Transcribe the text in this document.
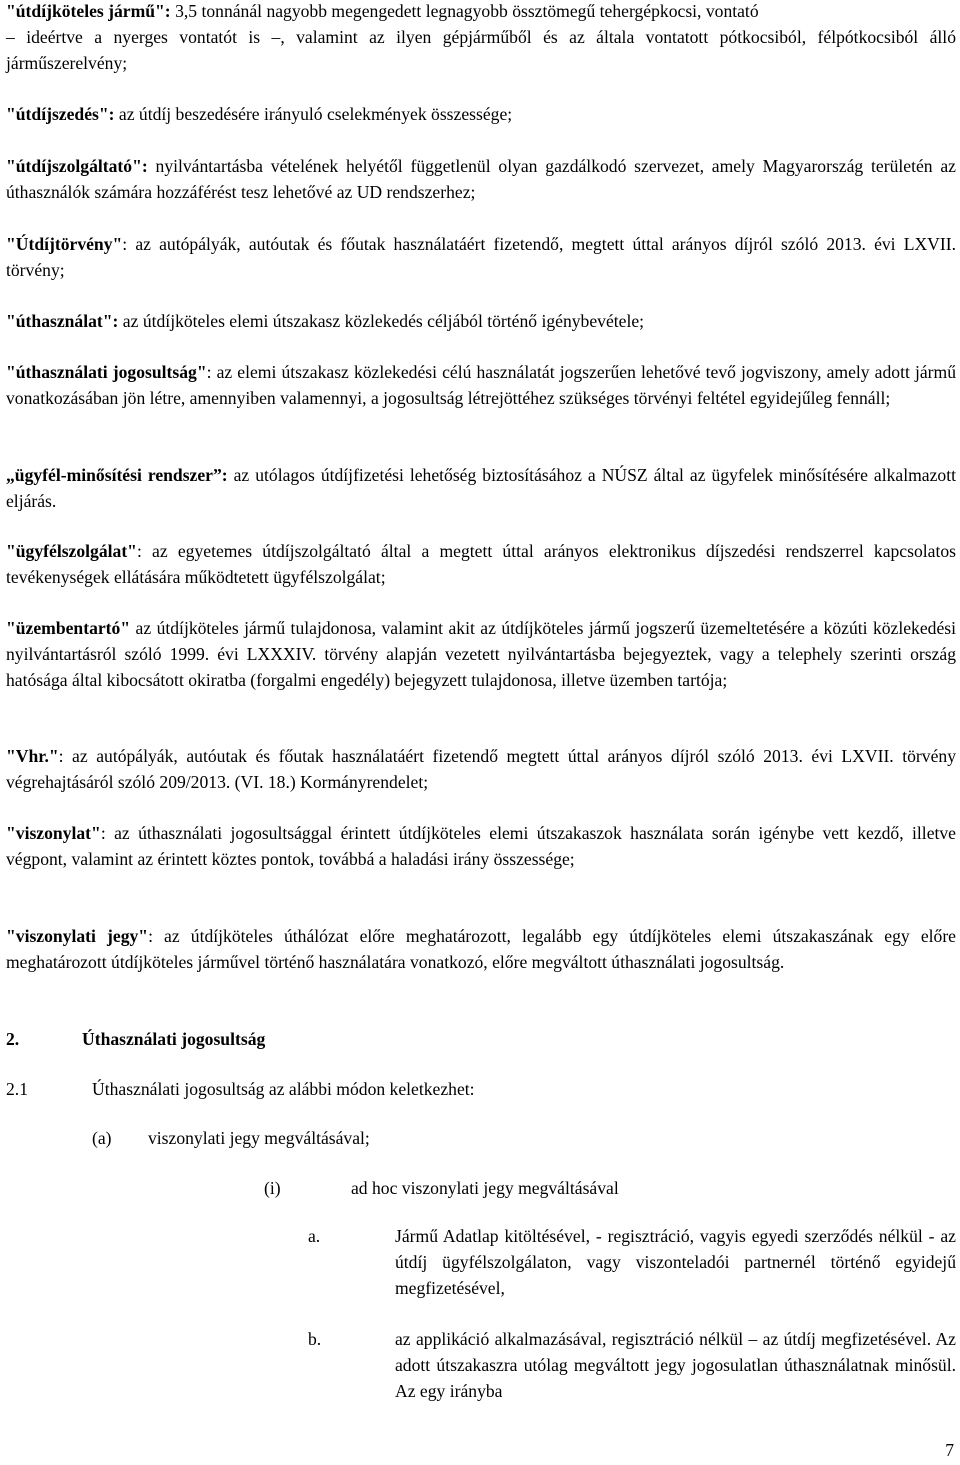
"útdíjköteles jármű": 3,5 tonnánál nagyobb megengedett legnagyobb össztömegű tehergépkocsi, vontató

– ideértve a nyerges vontatót is –, valamint az ilyen gépjárműből és az általa vontatott pótkocsiból, félpótkocsiból álló járműszerelvény;

"útdíjszedés": az útdíj beszedésére irányuló cselekmények összessége;

"útdíjszolgáltató": nyilvántartásba vételének helyétől függetlenül olyan gazdálkodó szervezet, amely Magyarország területén az úthasználók számára hozzáférést tesz lehetővé az UD rendszerhez;

"Útdíjtörvény": az autópályák, autóutak és főutak használatáért fizetendő, megtett úttal arányos díjról szóló 2013. évi LXVII. törvény;

"úthasználat": az útdíjköteles elemi útszakasz közlekedés céljából történő igénybevétele;

"úthasználati jogosultság": az elemi útszakasz közlekedési célú használatát jogszerűen lehetővé tevő jogviszony, amely adott jármű vonatkozásában jön létre, amennyiben valamennyi, a jogosultság létrejöttéhez szükséges törvényi feltétel egyidejűleg fennáll;

„ügyfél-minősítési rendszer”: az utólagos útdíjfizetési lehetőség biztosításához a NÚSZ által az ügyfelek minősítésére alkalmazott eljárás.

"ügyfélszolgálat": az egyetemes útdíjszolgáltató által a megtett úttal arányos elektronikus díjszedési rendszerrel kapcsolatos tevékenységek ellátására működtetett ügyfélszolgálat;

"üzembentartó" az útdíjköteles jármű tulajdonosa, valamint akit az útdíjköteles jármű jogszerű üzemeltetésére a közúti közlekedési nyilvántartásról szóló 1999. évi LXXXIV. törvény alapján vezetett nyilvántartásba bejegyeztek, vagy a telephely szerinti ország hatósága által kibocsátott okiratba (forgalmi engedély) bejegyzett tulajdonosa, illetve üzemben tartója;

"Vhr.": az autópályák, autóutak és főutak használatáért fizetendő megtett úttal arányos díjról szóló 2013. évi LXVII. törvény végrehajtásáról szóló 209/2013. (VI. 18.) Kormányrendelet;

"viszonylat": az úthasználati jogosultsággal érintett útdíjköteles elemi útszakaszok használata során igénybe vett kezdő, illetve végpont, valamint az érintett köztes pontok, továbbá a haladási irány összessége;

"viszonylati jegy": az útdíjköteles úthálózat előre meghatározott, legalább egy útdíjköteles elemi útszakaszának egy előre meghatározott útdíjköteles járművel történő használatára vonatkozó, előre megváltott úthasználati jogosultság.

2.	Úthasználati jogosultság
2.1	Úthasználati jogosultság az alábbi módon keletkezhet:
(a) viszonylati jegy megváltásával;
(i)	ad hoc viszonylati jegy megváltásával
a.	Jármű Adatlap kitöltésével, - regisztráció, vagyis egyedi szerződés nélkül - az útdíj ügyfélszolgálaton, vagy viszonteladói partnernél történő egyidejű megfizetésével,

b.	az applikáció alkalmazásával, regisztráció nélkül – az útdíj megfizetésével. Az adott útszakaszra utólag megváltott jegy jogosulatlan úthasználatnak minősül. Az egy irányba

7
